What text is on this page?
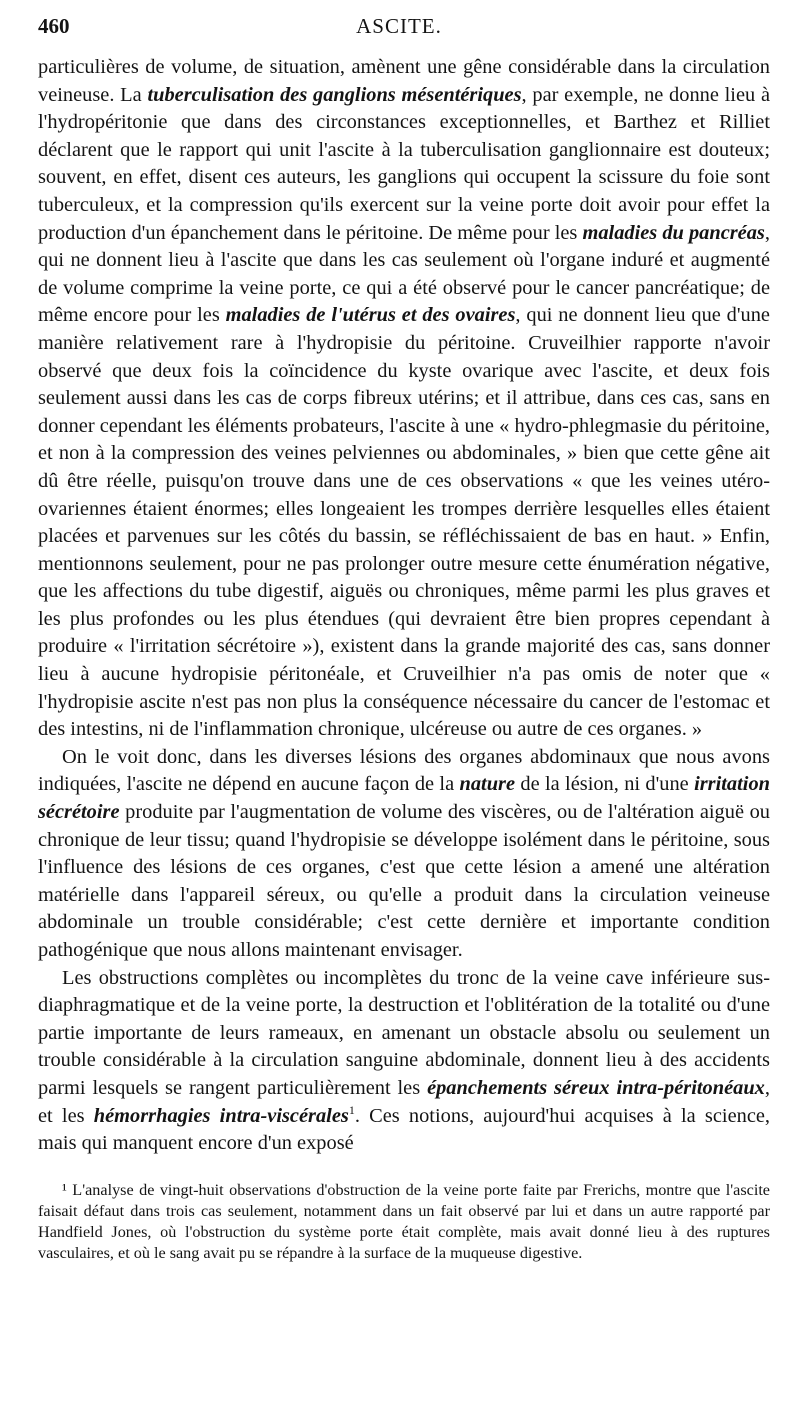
460	ASCITE.

particulières de volume, de situation, amènent une gêne considérable dans la circulation veineuse. La tuberculisation des ganglions mésentériques, par exemple, ne donne lieu à l'hydropéritonie que dans des circonstances exceptionnelles, et Barthez et Rilliet déclarent que le rapport qui unit l'ascite à la tuberculisation ganglionnaire est douteux; souvent, en effet, disent ces auteurs, les ganglions qui occupent la scissure du foie sont tuberculeux, et la compression qu'ils exercent sur la veine porte doit avoir pour effet la production d'un épanchement dans le péritoine. De même pour les maladies du pancréas, qui ne donnent lieu à l'ascite que dans les cas seulement où l'organe induré et augmenté de volume comprime la veine porte, ce qui a été observé pour le cancer pancréatique; de même encore pour les maladies de l'utérus et des ovaires, qui ne donnent lieu que d'une manière relativement rare à l'hydropisie du péritoine. Cruveilhier rapporte n'avoir observé que deux fois la coïncidence du kyste ovarique avec l'ascite, et deux fois seulement aussi dans les cas de corps fibreux utérins; et il attribue, dans ces cas, sans en donner cependant les éléments probateurs, l'ascite à une « hydro-phlegmasie du péritoine, et non à la compression des veines pelviennes ou abdominales, » bien que cette gêne ait dû être réelle, puisqu'on trouve dans une de ces observations « que les veines utéro-ovariennes étaient énormes; elles longeaient les trompes derrière lesquelles elles étaient placées et parvenues sur les côtés du bassin, se réfléchissaient de bas en haut. » Enfin, mentionnons seulement, pour ne pas prolonger outre mesure cette énumération négative, que les affections du tube digestif, aiguës ou chroniques, même parmi les plus graves et les plus profondes ou les plus étendues (qui devraient être bien propres cependant à produire « l'irritation sécrétoire »), existent dans la grande majorité des cas, sans donner lieu à aucune hydropisie péritonéale, et Cruveilhier n'a pas omis de noter que « l'hydropisie ascite n'est pas non plus la conséquence nécessaire du cancer de l'estomac et des intestins, ni de l'inflammation chronique, ulcéreuse ou autre de ces organes. »

On le voit donc, dans les diverses lésions des organes abdominaux que nous avons indiquées, l'ascite ne dépend en aucune façon de la nature de la lésion, ni d'une irritation sécrétoire produite par l'augmentation de volume des viscères, ou de l'altération aiguë ou chronique de leur tissu; quand l'hydropisie se développe isolément dans le péritoine, sous l'influence des lésions de ces organes, c'est que cette lésion a amené une altération matérielle dans l'appareil séreux, ou qu'elle a produit dans la circulation veineuse abdominale un trouble considérable; c'est cette dernière et importante condition pathogénique que nous allons maintenant envisager.

Les obstructions complètes ou incomplètes du tronc de la veine cave inférieure sus-diaphragmatique et de la veine porte, la destruction et l'oblitération de la totalité ou d'une partie importante de leurs rameaux, en amenant un obstacle absolu ou seulement un trouble considérable à la circulation sanguine abdominale, donnent lieu à des accidents parmi lesquels se rangent particulièrement les épanchements séreux intra-péritonéaux, et les hémorrhagies intra-viscérales$^1$. Ces notions, aujourd'hui acquises à la science, mais qui manquent encore d'un exposé

¹ L'analyse de vingt-huit observations d'obstruction de la veine porte faite par Frerichs, montre que l'ascite faisait défaut dans trois cas seulement, notamment dans un fait observé par lui et dans un autre rapporté par Handfield Jones, où l'obstruction du système porte était complète, mais avait donné lieu à des ruptures vasculaires, et où le sang avait pu se répandre à la surface de la muqueuse digestive.
